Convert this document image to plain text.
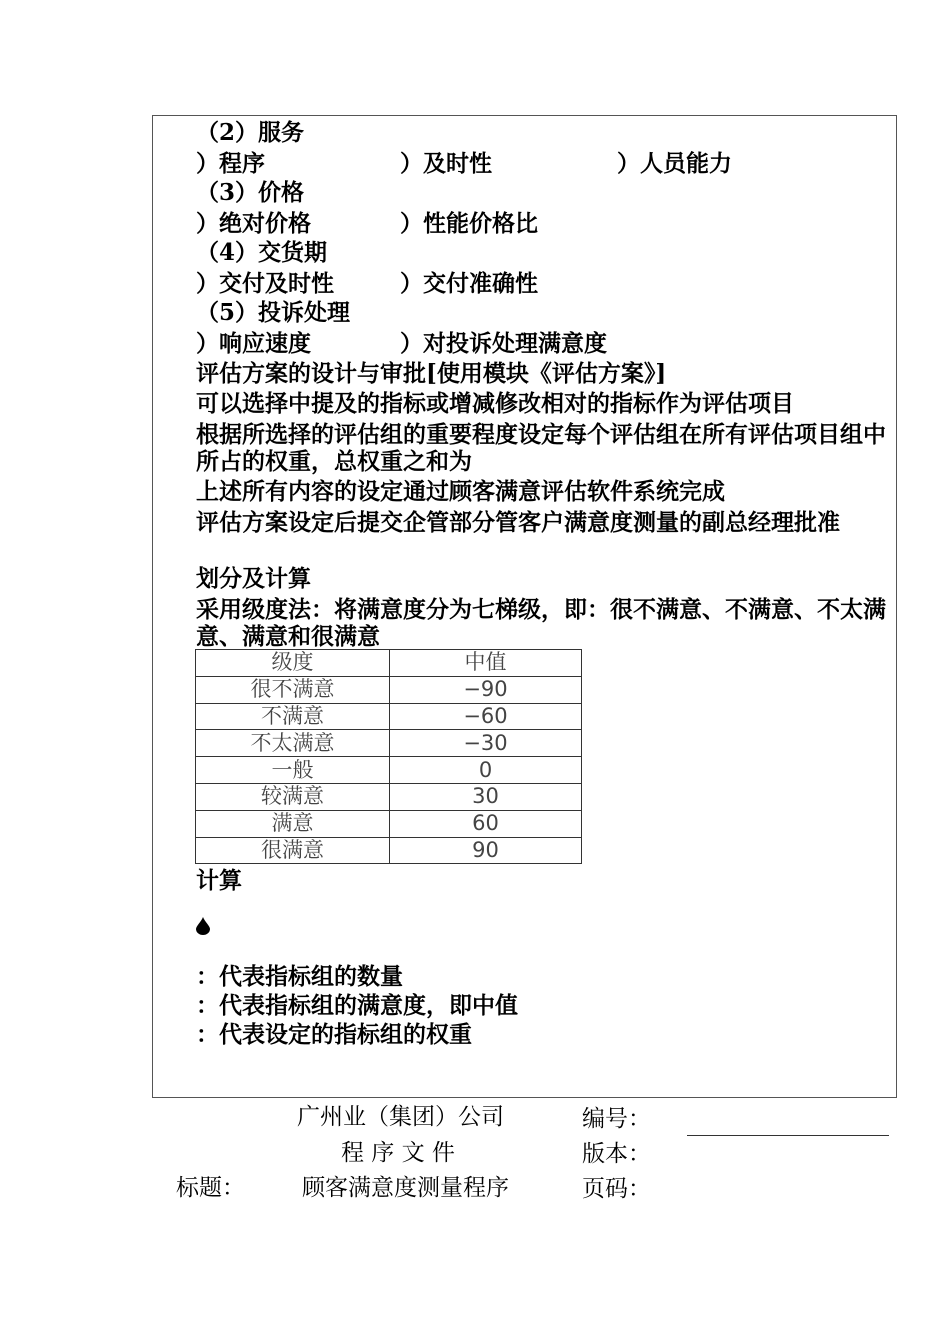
（2）服务
）程序	）及时性	）人员能力
（3）价格
）绝对价格	）性能价格比
（4）交货期
）交付及时性	）交付准确性
（5）投诉处理
）响应速度	）对投诉处理满意度
评估方案的设计与审批[使用模块《评估方案》]
可以选择中提及的指标或增减修改相对的指标作为评估项目
根据所选择的评估组的重要程度设定每个评估组在所有评估项目组中所占的权重，总权重之和为
上述所有内容的设定通过顾客满意评估软件系统完成
评估方案设定后提交企管部分管客户满意度测量的副总经理批准
划分及计算
采用级度法：将满意度分为七梯级，即：很不满意、不满意、不太满意、满意和很满意
级度	中值
很不满意	−90
不满意	−60
不太满意	−30
一般	0
较满意	30
满意	60
很满意	90
计算
：代表指标组的数量
：代表指标组的满意度，即中值
：代表设定的指标组的权重
广州业（集团）公司
程 序 文 件
标题： 顾客满意度测量程序
编号：
版本：
页码：
